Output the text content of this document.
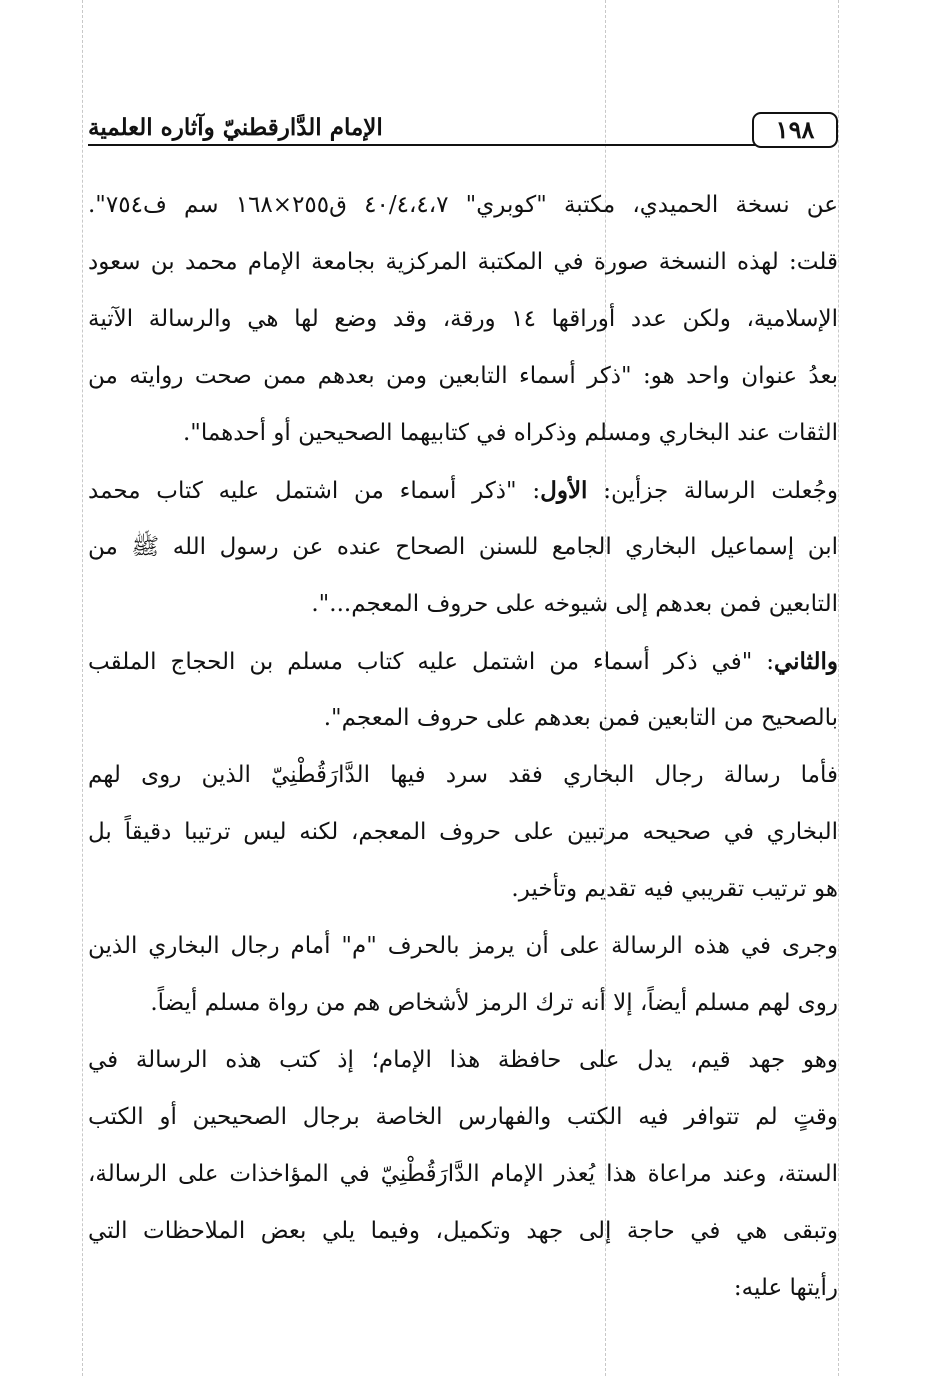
١٩٨
الإمام الدَّارقطنيّ وآثاره العلمية
عن نسخة الحميدي، مكتبة "كوبري" ٤٠/٤،٤،٧ ق٢٥٥×١٦٨ سم ف٧٥٤".
قلت: لهذه النسخة صورة في المكتبة المركزية بجامعة الإمام محمد بن سعود
الإسلامية، ولكن عدد أوراقها ١٤ ورقة، وقد وضع لها هي والرسالة الآتية
بعدُ عنوان واحد هو: "ذكر أسماء التابعين ومن بعدهم ممن صحت روايته من
الثقات عند البخاري ومسلم وذكراه في كتابيهما الصحيحين أو أحدهما".
وجُعلت الرسالة جزأين: الأول: "ذكر أسماء من اشتمل عليه كتاب محمد
ابن إسماعيل البخاري الجامع للسنن الصحاح عنده عن رسول الله ﷺ من
التابعين فمن بعدهم إلى شيوخه على حروف المعجم...".
والثاني: "في ذكر أسماء من اشتمل عليه كتاب مسلم بن الحجاج الملقب
بالصحيح من التابعين فمن بعدهم على حروف المعجم".
فأما رسالة رجال البخاري فقد سرد فيها الدَّارَقُطْنِيّ الذين روى لهم
البخاري في صحيحه مرتبين على حروف المعجم، لكنه ليس ترتيبا دقيقاً بل
هو ترتيب تقريبي فيه تقديم وتأخير.
وجرى في هذه الرسالة على أن يرمز بالحرف "م" أمام رجال البخاري الذين
روى لهم مسلم أيضاً، إلا أنه ترك الرمز لأشخاص هم من رواة مسلم أيضاً.
وهو جهد قيم، يدل على حافظة هذا الإمام؛ إذ كتب هذه الرسالة في
وقتٍ لم تتوافر فيه الكتب والفهارس الخاصة برجال الصحيحين أو الكتب
الستة، وعند مراعاة هذا يُعذر الإمام الدَّارَقُطْنِيّ في المؤاخذات على الرسالة،
وتبقى هي في حاجة إلى جهد وتكميل، وفيما يلي بعض الملاحظات التي
رأيتها عليه:
